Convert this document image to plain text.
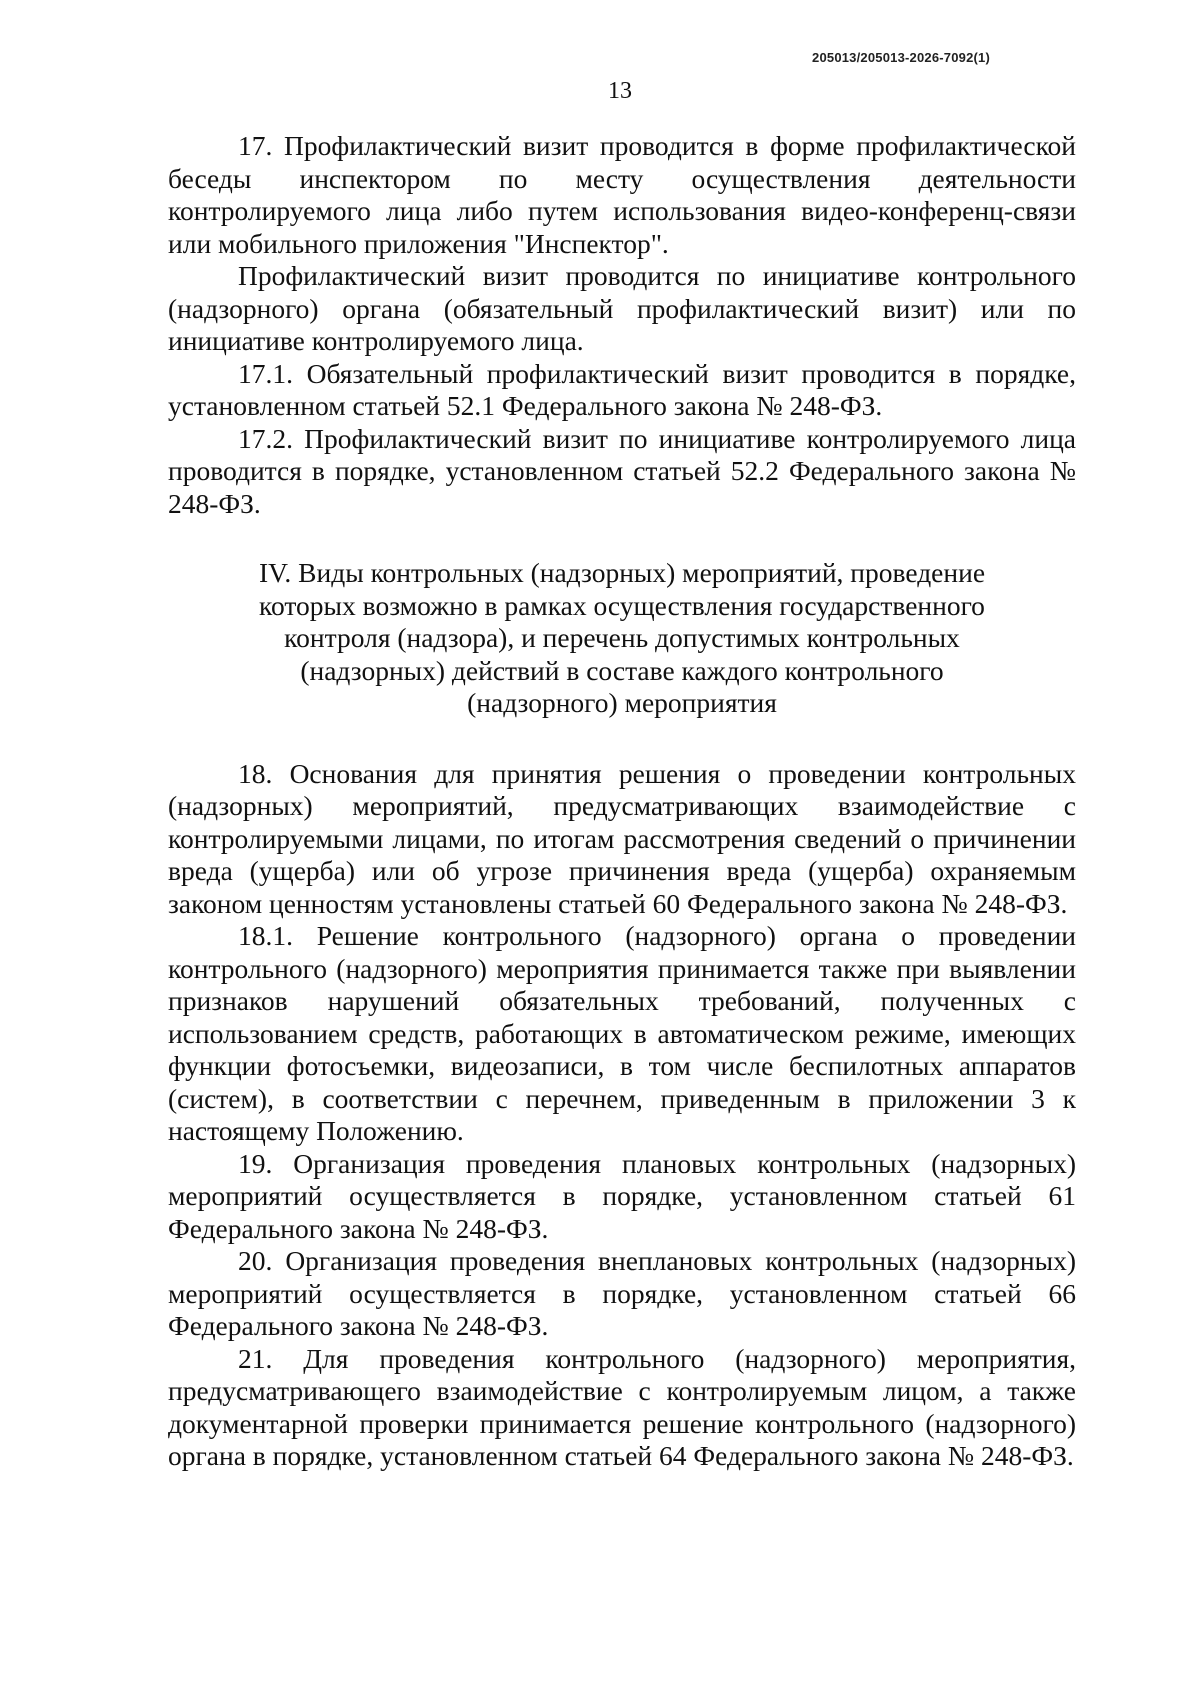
205013/205013-2026-7092(1)
13

17. Профилактический визит проводится в форме профилактической беседы инспектором по месту осуществления деятельности контролируемого лица либо путем использования видео-конференц-связи или мобильного приложения "Инспектор".

Профилактический визит проводится по инициативе контрольного (надзорного) органа (обязательный профилактический визит) или по инициативе контролируемого лица.

17.1. Обязательный профилактический визит проводится в порядке, установленном статьей 52.1 Федерального закона № 248-ФЗ.

17.2. Профилактический визит по инициативе контролируемого лица проводится в порядке, установленном статьей 52.2 Федерального закона № 248-ФЗ.

IV. Виды контрольных (надзорных) мероприятий, проведение
которых возможно в рамках осуществления государственного
контроля (надзора), и перечень допустимых контрольных
(надзорных) действий в составе каждого контрольного
(надзорного) мероприятия

18. Основания для принятия решения о проведении контрольных (надзорных) мероприятий, предусматривающих взаимодействие с контролируемыми лицами, по итогам рассмотрения сведений о причинении вреда (ущерба) или об угрозе причинения вреда (ущерба) охраняемым законом ценностям установлены статьей 60 Федерального закона № 248-ФЗ.

18.1. Решение контрольного (надзорного) органа о проведении контрольного (надзорного) мероприятия принимается также при выявлении признаков нарушений обязательных требований, полученных с использованием средств, работающих в автоматическом режиме, имеющих функции фотосъемки, видеозаписи, в том числе беспилотных аппаратов (систем), в соответствии с перечнем, приведенным в приложении 3 к настоящему Положению.

19. Организация проведения плановых контрольных (надзорных) мероприятий осуществляется в порядке, установленном статьей 61 Федерального закона № 248-ФЗ.

20. Организация проведения внеплановых контрольных (надзорных) мероприятий осуществляется в порядке, установленном статьей 66 Федерального закона № 248-ФЗ.

21. Для проведения контрольного (надзорного) мероприятия, предусматривающего взаимодействие с контролируемым лицом, а также документарной проверки принимается решение контрольного (надзорного) органа в порядке, установленном статьей 64 Федерального закона № 248-ФЗ.
